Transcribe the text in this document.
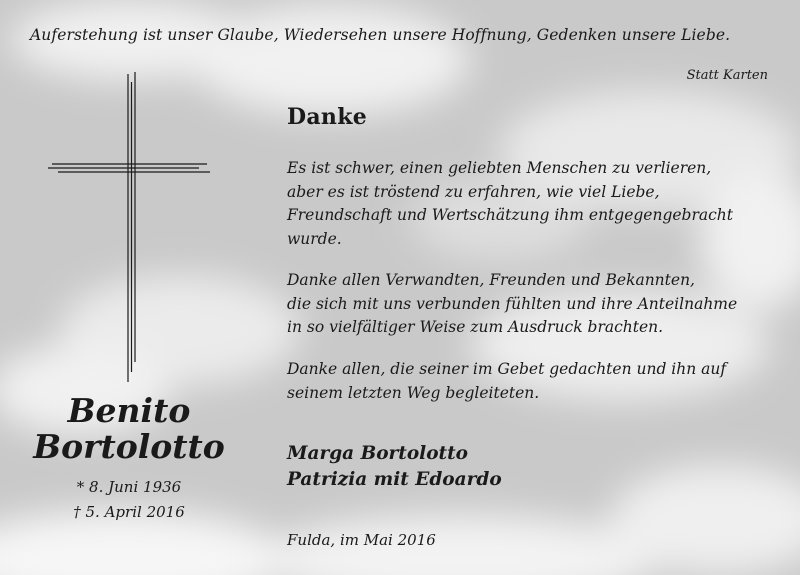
Auferstehung ist unser Glaube, Wiedersehen unsere Hoffnung, Gedenken unsere Liebe.
Statt Karten
Benito
Bortolotto
* 8. Juni 1936
† 5. April 2016
Danke
Es ist schwer, einen geliebten Menschen zu verlieren,
aber es ist tröstend zu erfahren, wie viel Liebe,
Freundschaft und Wertschätzung ihm entgegengebracht
wurde.
Danke allen Verwandten, Freunden und Bekannten,
die sich mit uns verbunden fühlten und ihre Anteilnahme
in so vielfältiger Weise zum Ausdruck brachten.
Danke allen, die seiner im Gebet gedachten und ihn auf
seinem letzten Weg begleiteten.
Marga Bortolotto
Patrizia mit Edoardo
Fulda, im Mai 2016
